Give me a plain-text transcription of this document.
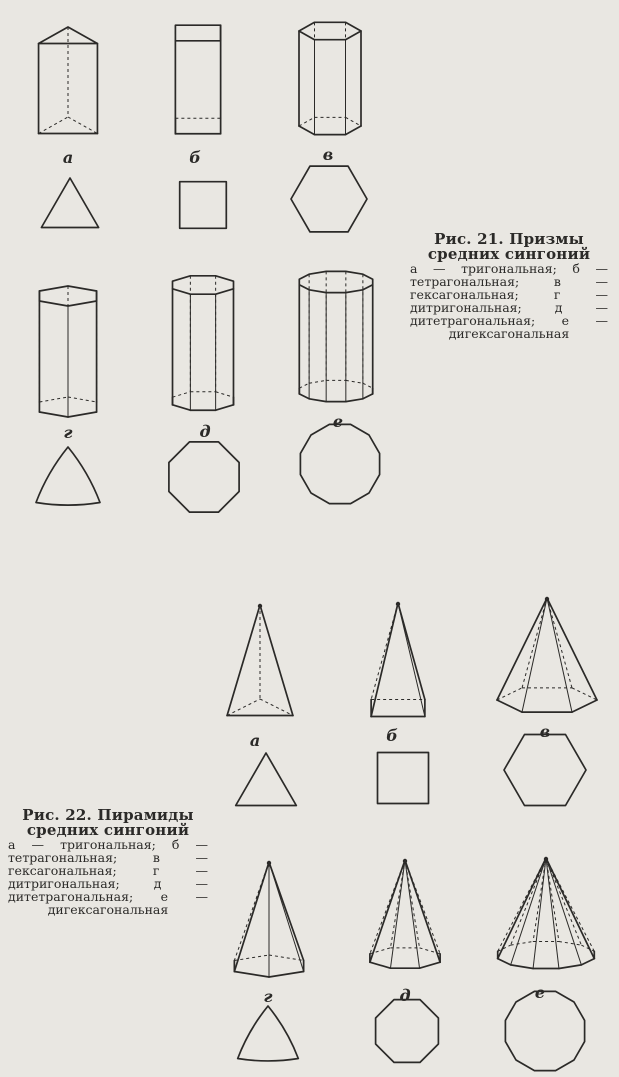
а	б	в
г	д
е
а	б	в
г	д	е
Рис. 21. Призмы средних сингоний
а — тригональная; б — тетрагональная; в — гексагональная; г — дитригональная; д — дитетрагональная; е — дигексагональная
Рис. 22. Пирамиды средних сингоний
а — тригональная; б — тетрагональная; в — гексагональная; г — дитригональная; д — дитетрагональная; е — дигексагональная
